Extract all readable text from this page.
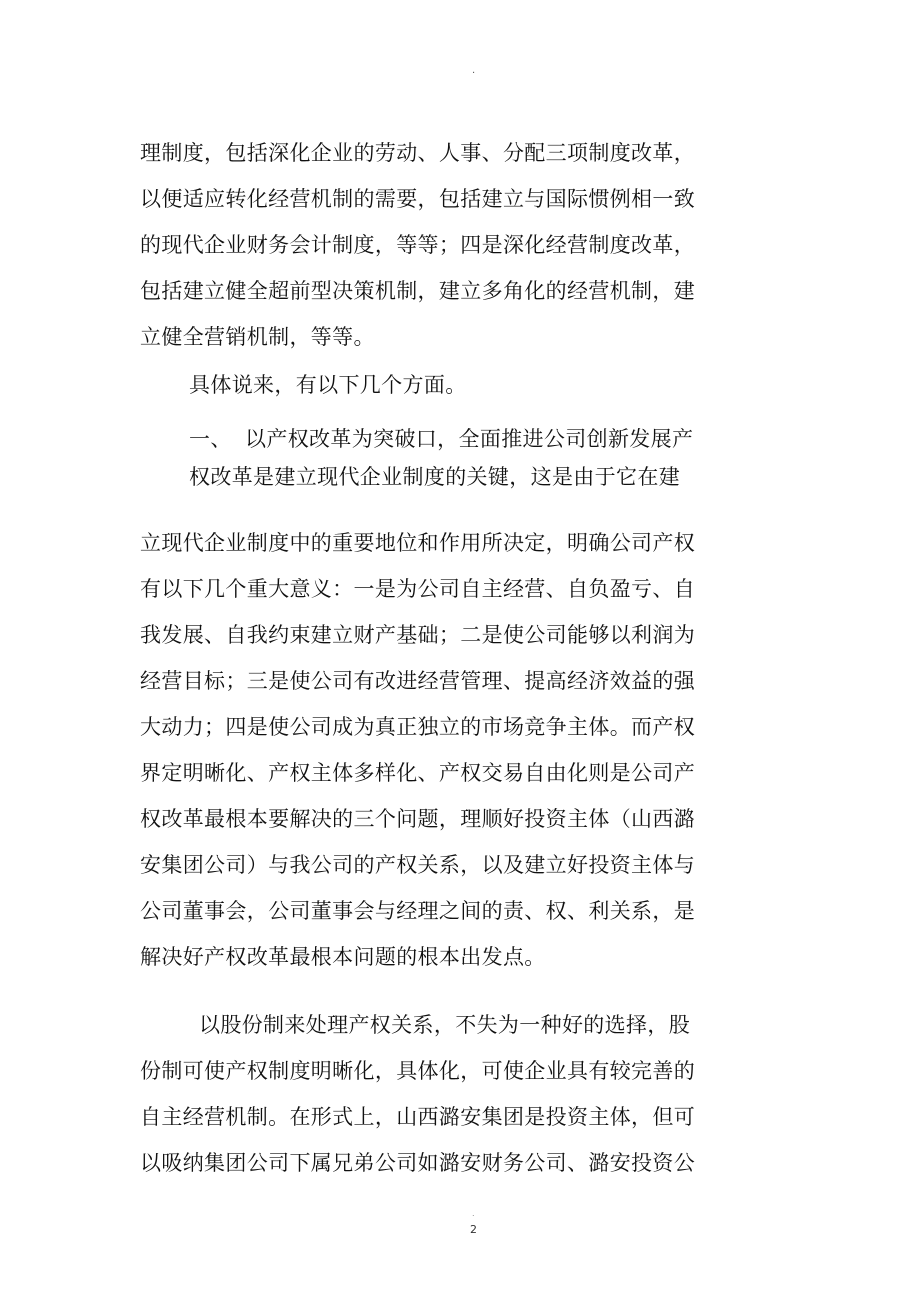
.
理制度，包括深化企业的劳动、人事、分配三项制度改革，
以便适应转化经营机制的需要，包括建立与国际惯例相一致
的现代企业财务会计制度，等等；四是深化经营制度改革，
包括建立健全超前型决策机制，建立多角化的经营机制，建
立健全营销机制，等等。
具体说来，有以下几个方面。
一、 以产权改革为突破口，全面推进公司创新发展产
权改革是建立现代企业制度的关键，这是由于它在建
立现代企业制度中的重要地位和作用所决定，明确公司产权
有以下几个重大意义：一是为公司自主经营、自负盈亏、自
我发展、自我约束建立财产基础；二是使公司能够以利润为
经营目标；三是使公司有改进经营管理、提高经济效益的强
大动力；四是使公司成为真正独立的市场竞争主体。而产权
界定明晰化、产权主体多样化、产权交易自由化则是公司产
权改革最根本要解决的三个问题，理顺好投资主体（山西潞
安集团公司）与我公司的产权关系，以及建立好投资主体与
公司董事会，公司董事会与经理之间的责、权、利关系，是
解决好产权改革最根本问题的根本出发点。
以股份制来处理产权关系，不失为一种好的选择，股
份制可使产权制度明晰化，具体化，可使企业具有较完善的
自主经营机制。在形式上，山西潞安集团是投资主体，但可
以吸纳集团公司下属兄弟公司如潞安财务公司、潞安投资公
.
2
